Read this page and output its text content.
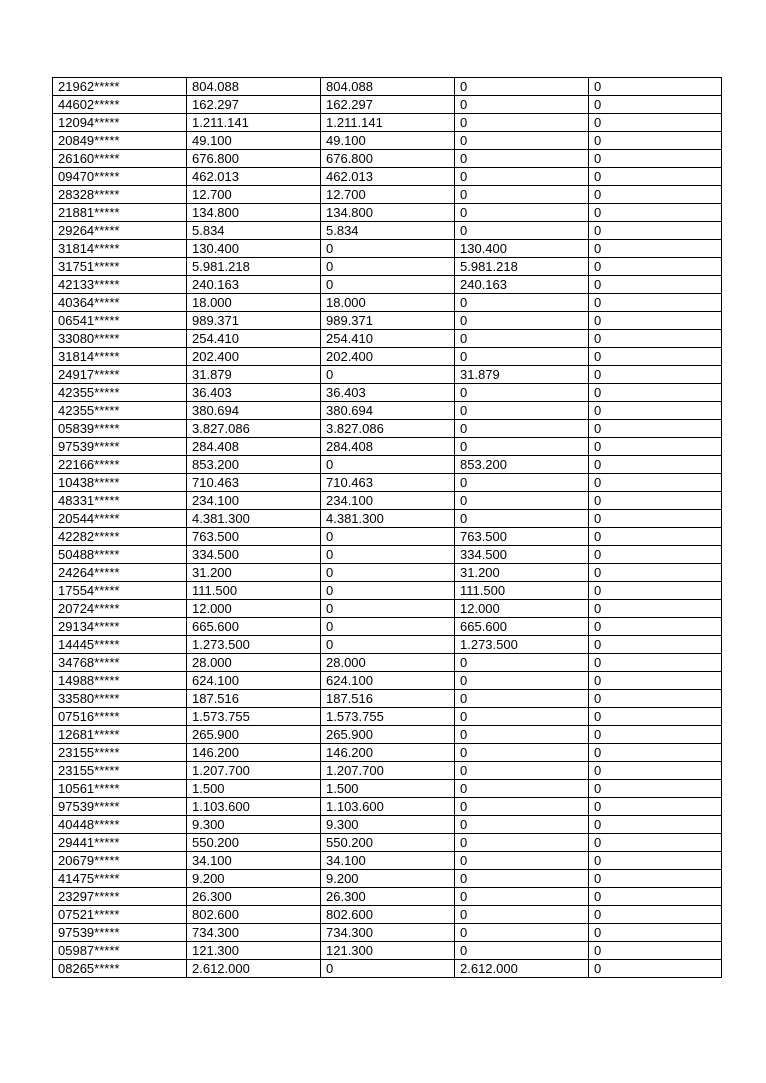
21962*****	804.088	804.088	0	0
44602*****	162.297	162.297	0	0
12094*****	1.211.141	1.211.141	0	0
20849*****	49.100	49.100	0	0
26160*****	676.800	676.800	0	0
09470*****	462.013	462.013	0	0
28328*****	12.700	12.700	0	0
21881*****	134.800	134.800	0	0
29264*****	5.834	5.834	0	0
31814*****	130.400	0	130.400	0
31751*****	5.981.218	0	5.981.218	0
42133*****	240.163	0	240.163	0
40364*****	18.000	18.000	0	0
06541*****	989.371	989.371	0	0
33080*****	254.410	254.410	0	0
31814*****	202.400	202.400	0	0
24917*****	31.879	0	31.879	0
42355*****	36.403	36.403	0	0
42355*****	380.694	380.694	0	0
05839*****	3.827.086	3.827.086	0	0
97539*****	284.408	284.408	0	0
22166*****	853.200	0	853.200	0
10438*****	710.463	710.463	0	0
48331*****	234.100	234.100	0	0
20544*****	4.381.300	4.381.300	0	0
42282*****	763.500	0	763.500	0
50488*****	334.500	0	334.500	0
24264*****	31.200	0	31.200	0
17554*****	111.500	0	111.500	0
20724*****	12.000	0	12.000	0
29134*****	665.600	0	665.600	0
14445*****	1.273.500	0	1.273.500	0
34768*****	28.000	28.000	0	0
14988*****	624.100	624.100	0	0
33580*****	187.516	187.516	0	0
07516*****	1.573.755	1.573.755	0	0
12681*****	265.900	265.900	0	0
23155*****	146.200	146.200	0	0
23155*****	1.207.700	1.207.700	0	0
10561*****	1.500	1.500	0	0
97539*****	1.103.600	1.103.600	0	0
40448*****	9.300	9.300	0	0
29441*****	550.200	550.200	0	0
20679*****	34.100	34.100	0	0
41475*****	9.200	9.200	0	0
23297*****	26.300	26.300	0	0
07521*****	802.600	802.600	0	0
97539*****	734.300	734.300	0	0
05987*****	121.300	121.300	0	0
08265*****	2.612.000	0	2.612.000	0
